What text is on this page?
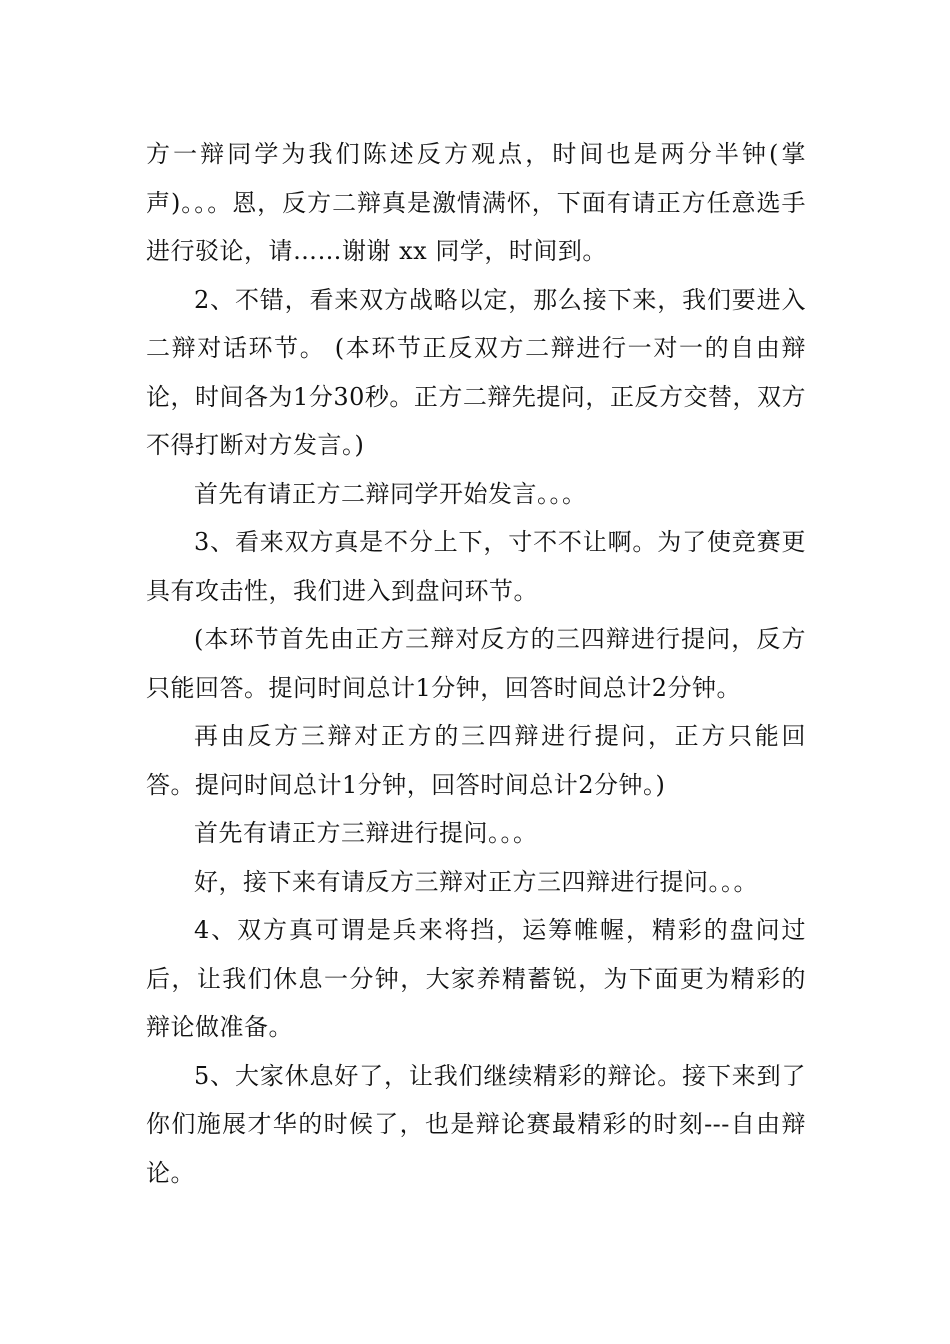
方一辩同学为我们陈述反方观点，时间也是两分半钟(掌声)。。。恩，反方二辩真是激情满怀，下面有请正方任意选手进行驳论，请……谢谢 xx 同学，时间到。

2、不错，看来双方战略以定，那么接下来，我们要进入二辩对话环节。 (本环节正反双方二辩进行一对一的自由辩论，时间各为1分30秒。正方二辩先提问，正反方交替，双方不得打断对方发言。)

首先有请正方二辩同学开始发言。。。

3、看来双方真是不分上下，寸不不让啊。为了使竞赛更具有攻击性，我们进入到盘问环节。

(本环节首先由正方三辩对反方的三四辩进行提问，反方只能回答。提问时间总计1分钟，回答时间总计2分钟。

再由反方三辩对正方的三四辩进行提问，正方只能回答。提问时间总计1分钟，回答时间总计2分钟。)

首先有请正方三辩进行提问。。。

好，接下来有请反方三辩对正方三四辩进行提问。。。

4、双方真可谓是兵来将挡，运筹帷幄，精彩的盘问过后，让我们休息一分钟，大家养精蓄锐，为下面更为精彩的辩论做准备。

5、大家休息好了，让我们继续精彩的辩论。接下来到了你们施展才华的时候了，也是辩论赛最精彩的时刻---自由辩论。
